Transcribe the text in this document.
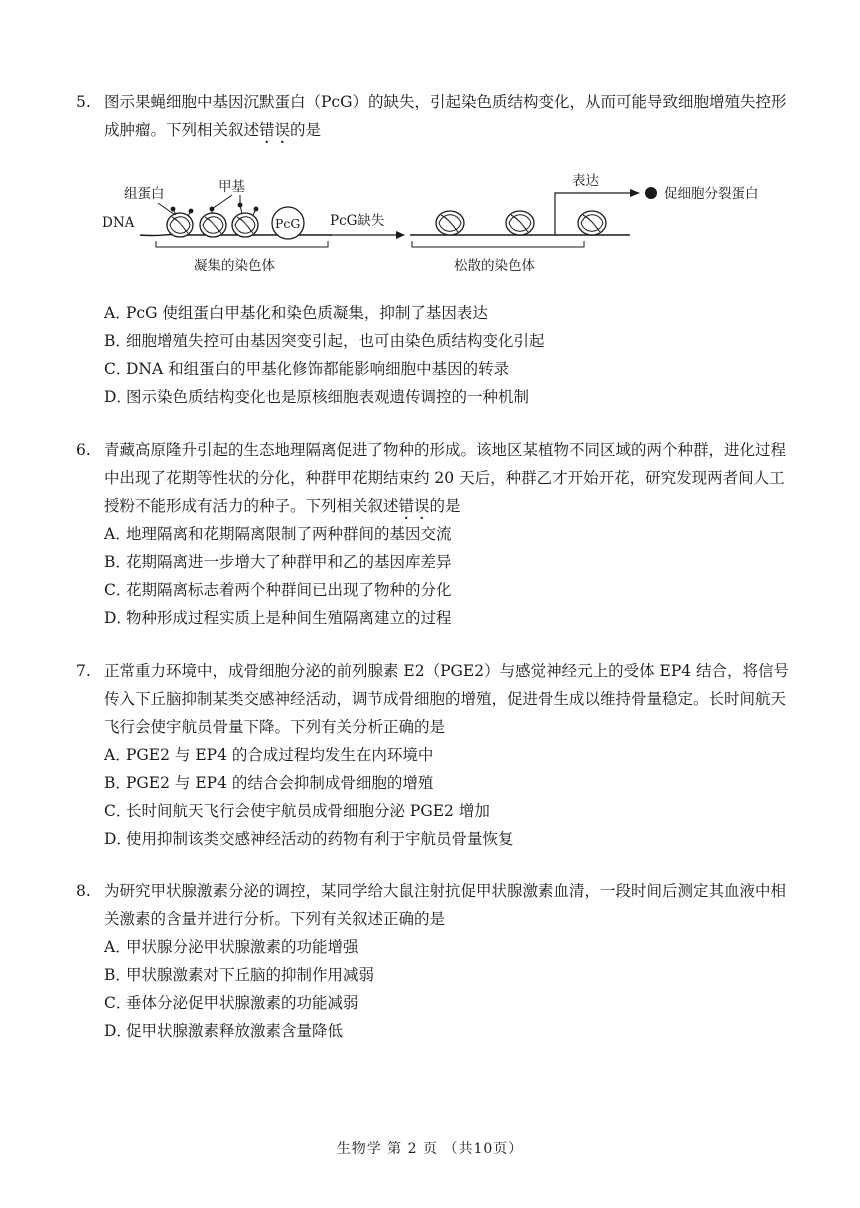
5. 图示果蝇细胞中基因沉默蛋白（PcG）的缺失，引起染色质结构变化，从而可能导致细胞增殖失控形成肿瘤。下列相关叙述错误的是
组蛋白	甲基
DNA	PcG
凝集的染色体
PcG缺失
表达
促细胞分裂蛋白
松散的染色体
A．
PcG 使组蛋白甲基化和染色质凝集，抑制了基因表达
B．
细胞增殖失控可由基因突变引起，也可由染色质结构变化引起
C．
DNA 和组蛋白的甲基化修饰都能影响细胞中基因的转录
D．
图示染色质结构变化也是原核细胞表观遗传调控的一种机制
6. 青藏高原隆升引起的生态地理隔离促进了物种的形成。该地区某植物不同区域的两个种群，进化过程中出现了花期等性状的分化，种群甲花期结束约 20 天后，种群乙才开始开花，研究发现两者间人工授粉不能形成有活力的种子。下列相关叙述错误的是
A．
地理隔离和花期隔离限制了两种群间的基因交流
B．
花期隔离进一步增大了种群甲和乙的基因库差异
C．
花期隔离标志着两个种群间已出现了物种的分化
D．
物种形成过程实质上是种间生殖隔离建立的过程
7. 正常重力环境中，成骨细胞分泌的前列腺素 E2（PGE2）与感觉神经元上的受体 EP4 结合，将信号传入下丘脑抑制某类交感神经活动，调节成骨细胞的增殖，促进骨生成以维持骨量稳定。长时间航天飞行会使宇航员骨量下降。下列有关分析正确的是
A．
PGE2 与 EP4 的合成过程均发生在内环境中
B．
PGE2 与 EP4 的结合会抑制成骨细胞的增殖
C．
长时间航天飞行会使宇航员成骨细胞分泌 PGE2 增加
D．
使用抑制该类交感神经活动的药物有利于宇航员骨量恢复
8. 为研究甲状腺激素分泌的调控，某同学给大鼠注射抗促甲状腺激素血清，一段时间后测定其血液中相关激素的含量并进行分析。下列有关叙述正确的是
A．
甲状腺分泌甲状腺激素的功能增强
B．
甲状腺激素对下丘脑的抑制作用减弱
C．
垂体分泌促甲状腺激素的功能减弱
D．
促甲状腺激素释放激素含量降低
生物学 第 2 页 （共10页）
